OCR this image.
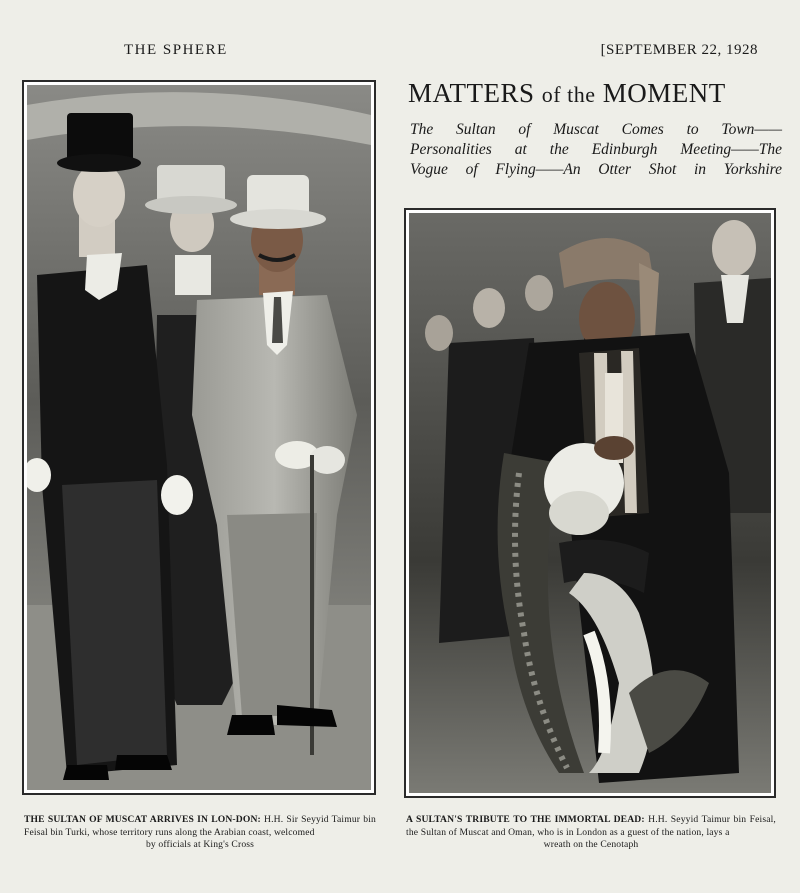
THE SPHERE	[SEPTEMBER 22, 1928
MATTERS of the MOMENT
The Sultan of Muscat Comes to Town——
Personalities at the Edinburgh Meeting——The
Vogue of Flying——An Otter Shot in Yorkshire
THE SULTAN OF MUSCAT ARRIVES IN LON-DON: H.H. Sir Seyyid Taimur bin Feisal bin Turki, whose territory runs along the Arabian coast, welcomed
by officials at King's Cross
A SULTAN'S TRIBUTE TO THE IMMORTAL DEAD: H.H. Seyyid Taimur bin Feisal, the Sultan of Muscat and Oman, who is in London as a guest of the nation, lays a
wreath on the Cenotaph
